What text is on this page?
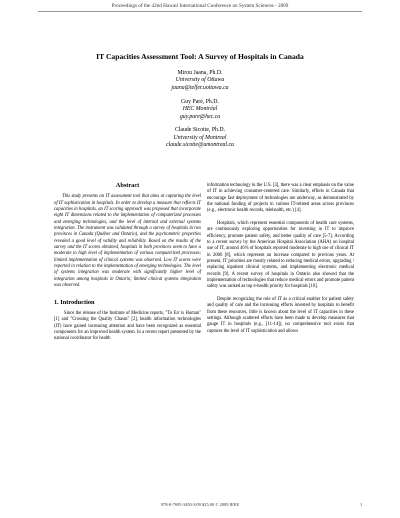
Proceedings of the 42nd Hawaii International Conference on System Sciences - 2009
IT Capacities Assessment Tool: A Survey of Hospitals in Canada
Mirou Jaana, Ph.D.
University of Ottawa
jaana@telfer.uottawa.ca
Guy Paré, Ph.D.
HEC Montréal
guy.pare@hec.ca
Claude Sicotte, Ph.D.
University of Montreal
claude.sicotte@umontreal.ca
Abstract

This study presents an IT assessment tool that aims at capturing the level of IT sophistication in hospitals. In order to develop a measure that reflects IT capacities in hospitals, an IT scoring approach was proposed that incorporate eight IT dimensions related to the implementation of computerized processes and emerging technologies, and the level of internal and external systems integration. The instrument was validated through a survey of hospitals in two provinces in Canada (Québec and Ontario), and the psychometric properties revealed a good level of validity and reliability. Based on the results of the survey and the IT scores obtained, hospitals in both provinces seem to have a moderate to high level of implementation of various computerized processes; limited implementation of clinical systems was observed. Low IT scores were reported in relation to the implementation of emerging technologies. The level of systems integration was moderate with significantly higher level of integration among hospitals in Ontario; limited clinical systems integration was observed.

1. Introduction

Since the release of the Institute of Medicine reports, "To Err is Human" [1] and "Crossing the Quality Chasm" [2], health information technologies (IT) have gained increasing attention and have been recognized as essential components for an improved health system. In a recent report presented by the national coordinator for health

information technology in the U.S. [3], there was a clear emphasis on the value of IT in achieving consumer-centered care. Similarly, efforts in Canada that encourage fast deployment of technologies are underway, as demonstrated by the national funding of projects in various IT-related areas across provinces (e.g., electronic health records, telehealth, etc.) [4].

Hospitals, which represent essential components of health care systems, are continuously exploring opportunities for investing in IT to improve efficiency, promote patient safety, and better quality of care [5-7]. According to a recent survey by the American Hospital Association (AHA) on hospital use of IT, around 46% of hospitals reported moderate to high use of clinical IT in 2006 [8], which represent an increase compared to previous years. At present, IT priorities are mostly related to reducing medical errors, upgrading / replacing inpatient clinical systems, and implementing electronic medical records [9]. A recent survey of hospitals in Ontario also showed that the implementation of technologies that reduce medical errors and promote patient safety was ranked as top e-health priority for hospitals [10].

Despite recognizing the role of IT as a critical enabler for patient safety and quality of care and the increasing efforts invested by hospitals to benefit from these resources, little is known about the level of IT capacities in these settings. Although scattered efforts have been made to develop measures that gauge IT in hospitals (e.g., [11-14]), no comprehensive tool exists that captures the level of IT sophistication and allows

978-0-7695-3450-3/09 $25.00 © 2009 IEEE	1
